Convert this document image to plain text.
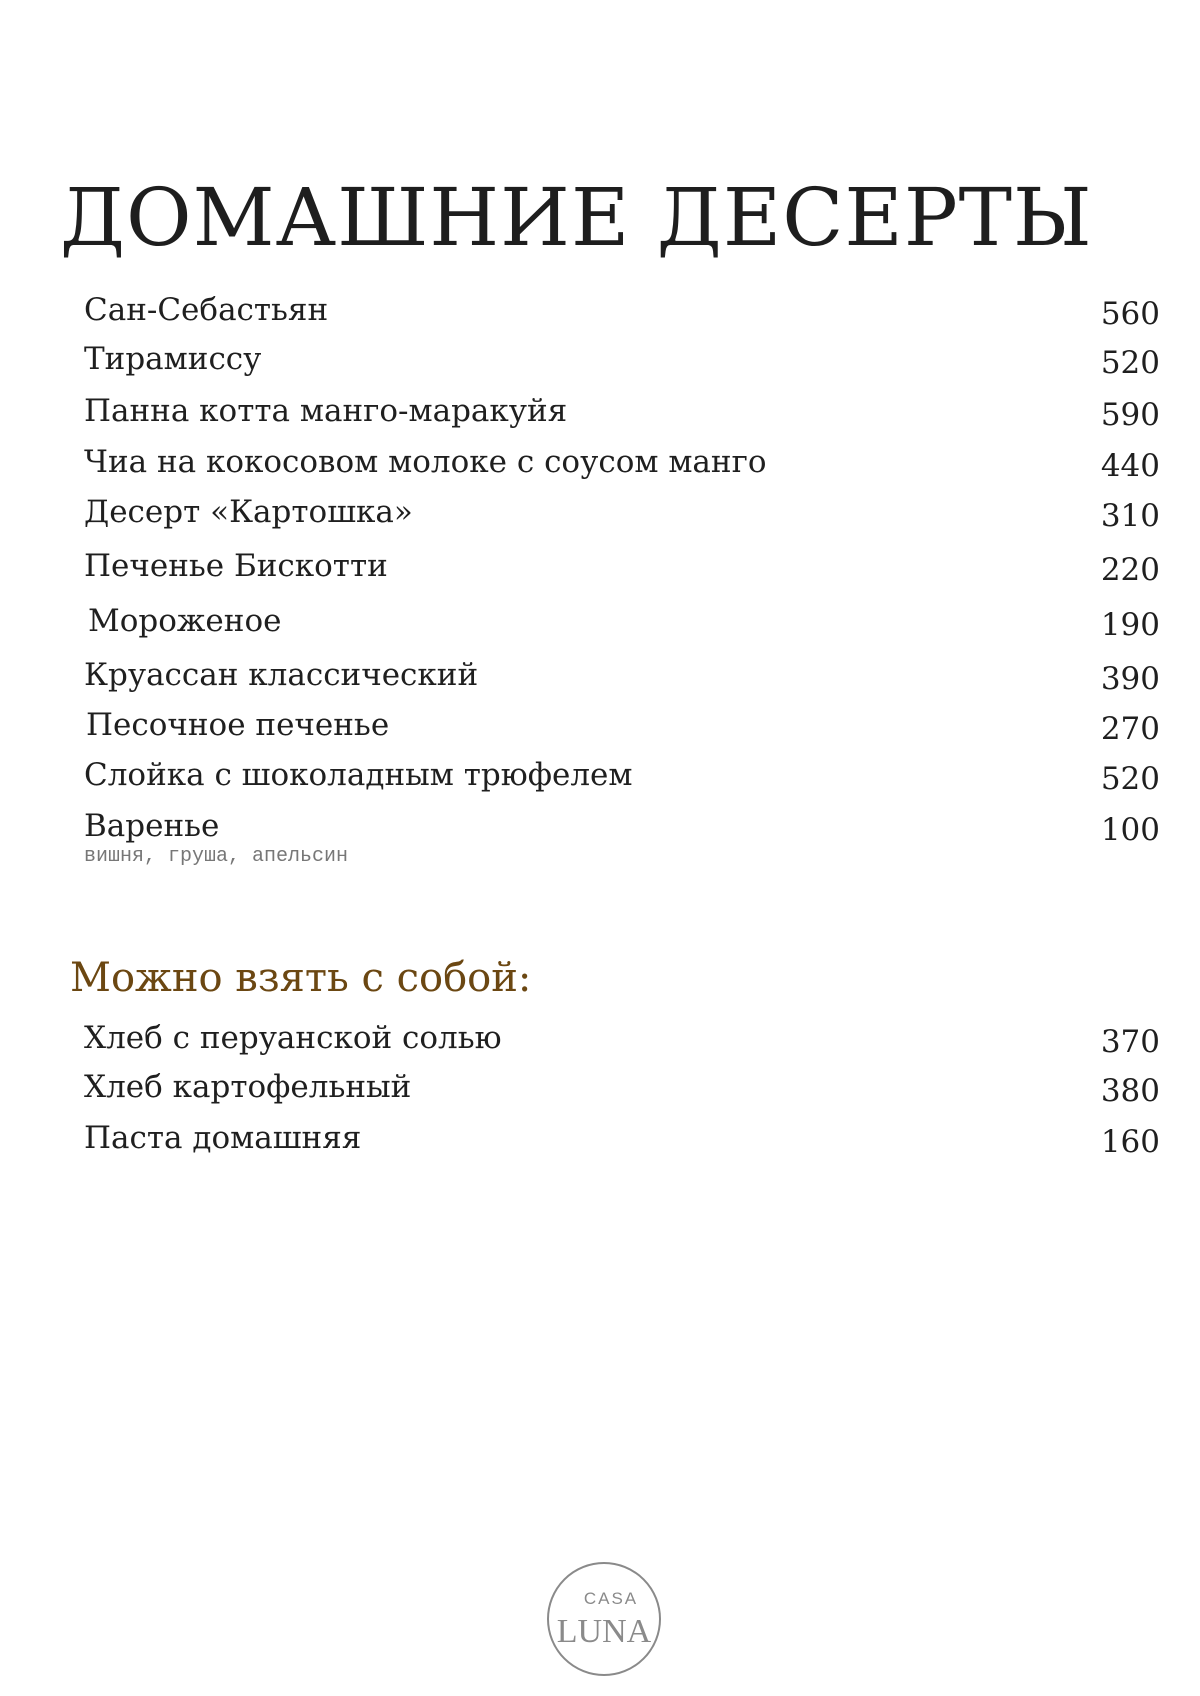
ДОМАШНИЕ ДЕСЕРТЫ
Сан-Себастьян	560
Тирамиссу	520
Панна котта манго-маракуйя	590
Чиа на кокосовом молоке с соусом манго	440
Десерт «Картошка»	310
Печенье Бискотти	220
Мороженое	190
Круассан классический	390
Песочное печенье	270
Слойка с шоколадным трюфелем	520
Варенье	100
вишня, груша, апельсин
Можно взять с собой:
Хлеб с перуанской солью	370
Хлеб картофельный	380
Паста домашняя	160
CASA
LUNA
